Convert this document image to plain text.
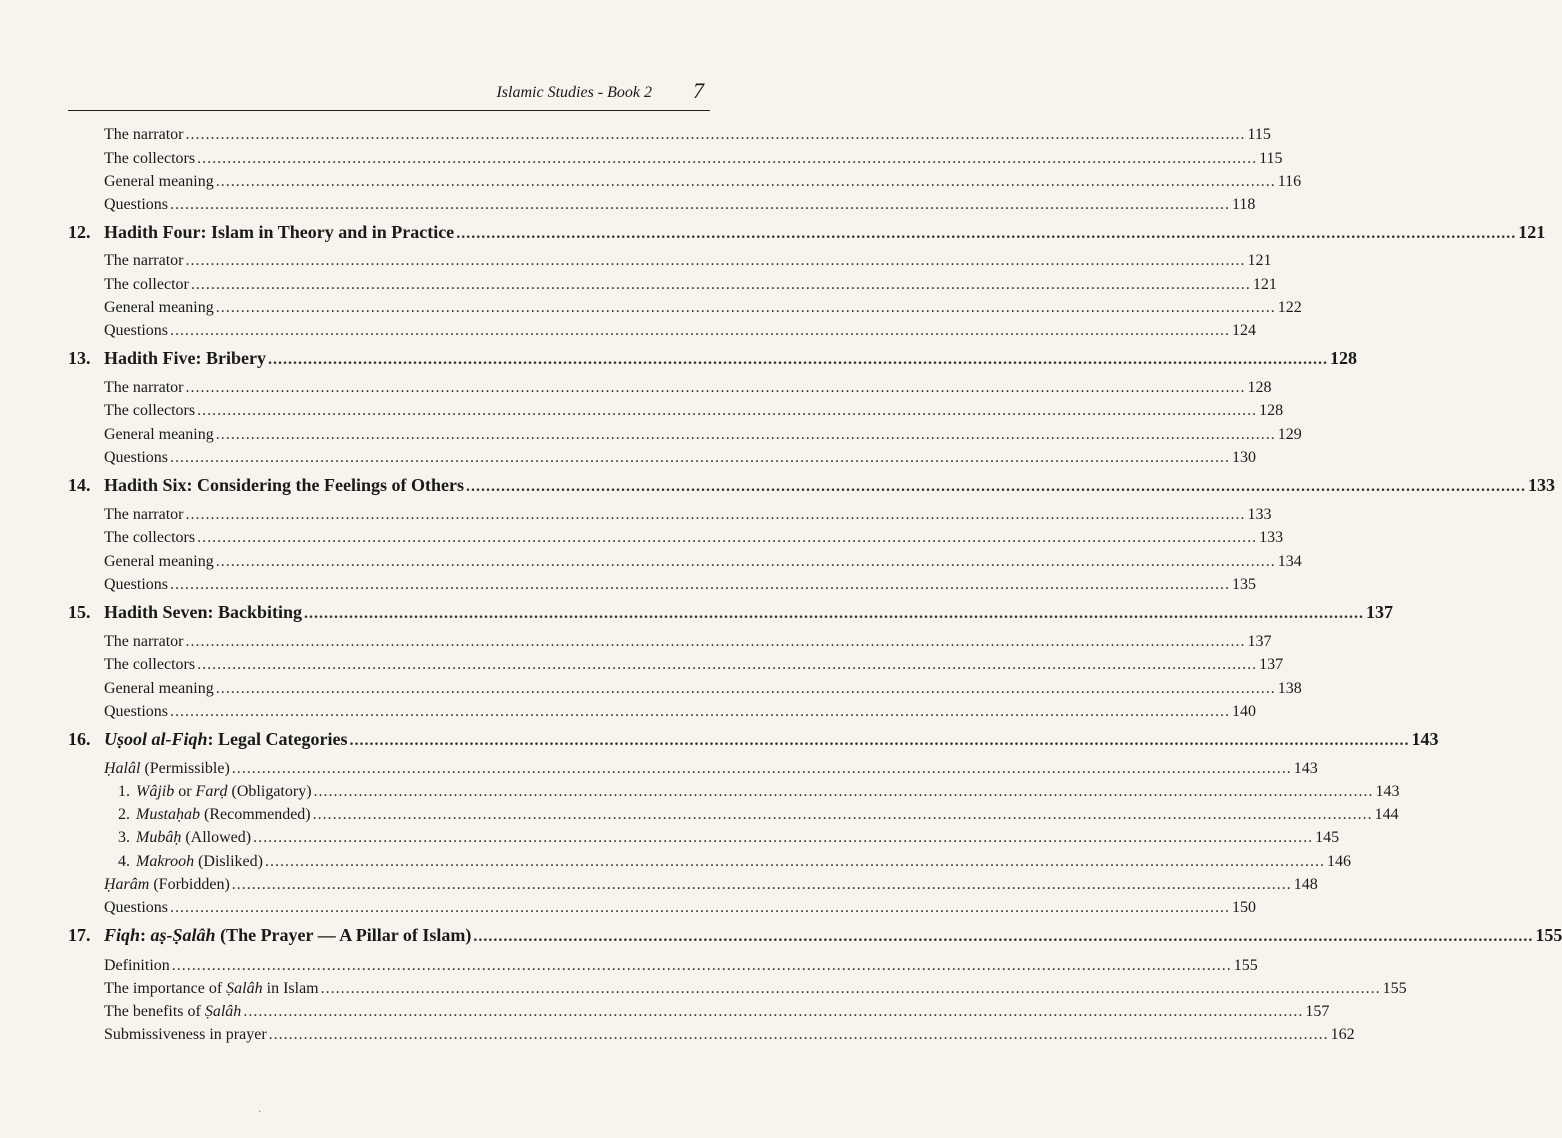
Islamic Studies - Book 2 7
The narrator .................................................................................................................................................................................................................... 115
The collectors .................................................................................................................................................................................................................... 115
General meaning .................................................................................................................................................................................................................... 116
Questions .................................................................................................................................................................................................................... 118
12. Hadith Four: Islam in Theory and in Practice .................................................................................................................................................................................................................... 121
The narrator .................................................................................................................................................................................................................... 121
The collector .................................................................................................................................................................................................................... 121
General meaning .................................................................................................................................................................................................................... 122
Questions .................................................................................................................................................................................................................... 124
13. Hadith Five: Bribery .................................................................................................................................................................................................................... 128
The narrator .................................................................................................................................................................................................................... 128
The collectors .................................................................................................................................................................................................................... 128
General meaning .................................................................................................................................................................................................................... 129
Questions .................................................................................................................................................................................................................... 130
14. Hadith Six: Considering the Feelings of Others .................................................................................................................................................................................................................... 133
The narrator .................................................................................................................................................................................................................... 133
The collectors .................................................................................................................................................................................................................... 133
General meaning .................................................................................................................................................................................................................... 134
Questions .................................................................................................................................................................................................................... 135
15. Hadith Seven: Backbiting .................................................................................................................................................................................................................... 137
The narrator .................................................................................................................................................................................................................... 137
The collectors .................................................................................................................................................................................................................... 137
General meaning .................................................................................................................................................................................................................... 138
Questions .................................................................................................................................................................................................................... 140
16. Uṣool al-Fiqh: Legal Categories .................................................................................................................................................................................................................... 143
Ḥalâl (Permissible) .................................................................................................................................................................................................................... 143
1. Wâjib or Farḍ (Obligatory) .................................................................................................................................................................................................................... 143
2. Mustaḥab (Recommended) .................................................................................................................................................................................................................... 144
3. Mubâḥ (Allowed) .................................................................................................................................................................................................................... 145
4. Makrooh (Disliked) .................................................................................................................................................................................................................... 146
Ḥarâm (Forbidden) .................................................................................................................................................................................................................... 148
Questions .................................................................................................................................................................................................................... 150
17. Fiqh: aṣ-Ṣalâh (The Prayer — A Pillar of Islam) .................................................................................................................................................................................................................... 155
Definition .................................................................................................................................................................................................................... 155
The importance of Ṣalâh in Islam .................................................................................................................................................................................................................... 155
The benefits of Ṣalâh .................................................................................................................................................................................................................... 157
Submissiveness in prayer .................................................................................................................................................................................................................... 162
·
